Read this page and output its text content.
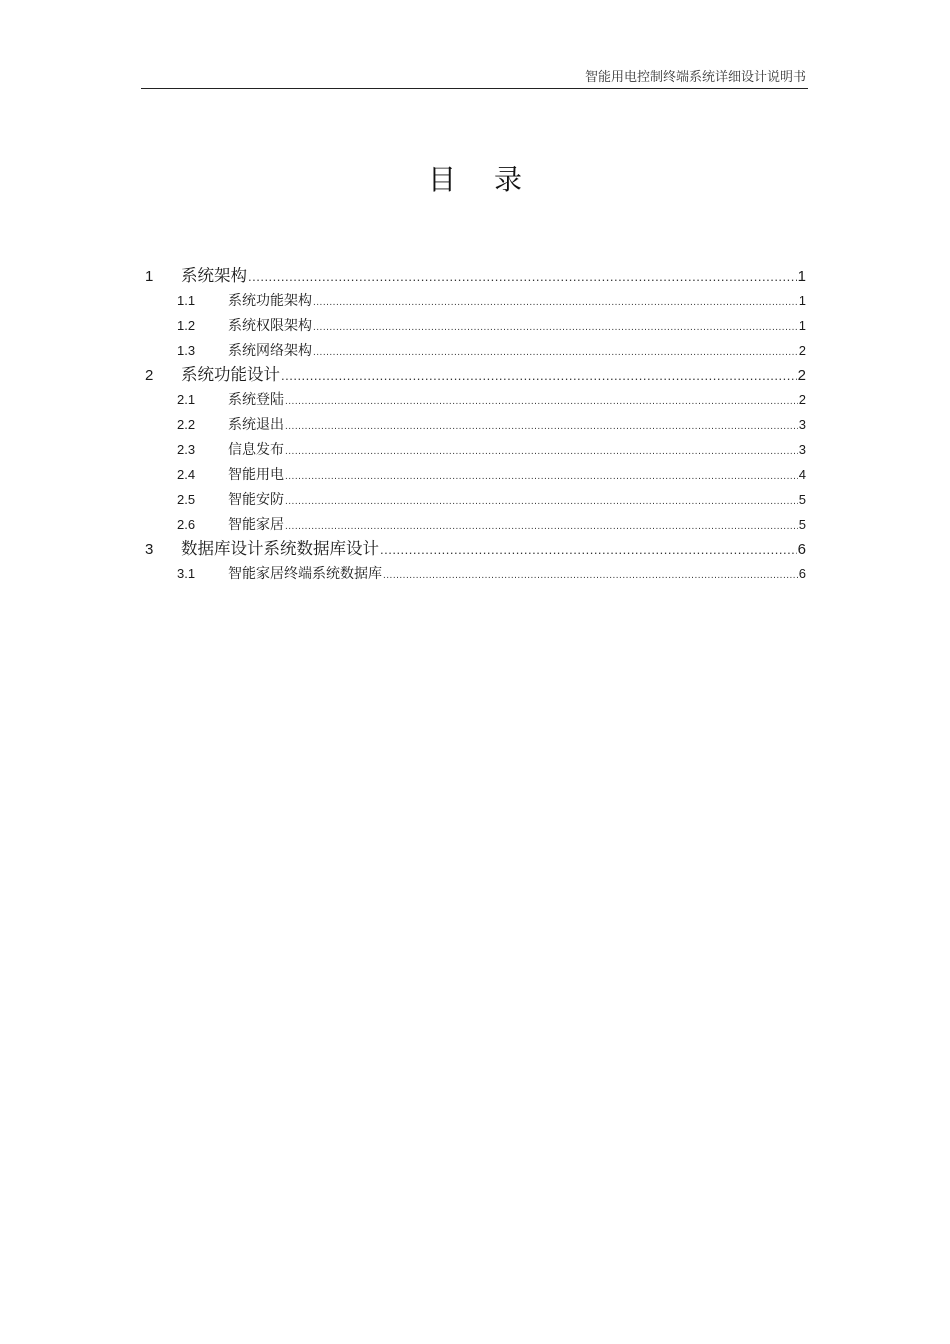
智能用电控制终端系统详细设计说明书
目 录
1	系统架构 .....	1
1.1	系统功能架构 .....	1
1.2	系统权限架构 .....	1
1.3	系统网络架构 .....	2
2	系统功能设计 .....	2
2.1	系统登陆 .....	2
2.2	系统退出 .....	3
2.3	信息发布 .....	3
2.4	智能用电 .....	4
2.5	智能安防 .....	5
2.6	智能家居 .....	5
3	数据库设计系统数据库设计 .....	6
3.1	智能家居终端系统数据库 .....	6
